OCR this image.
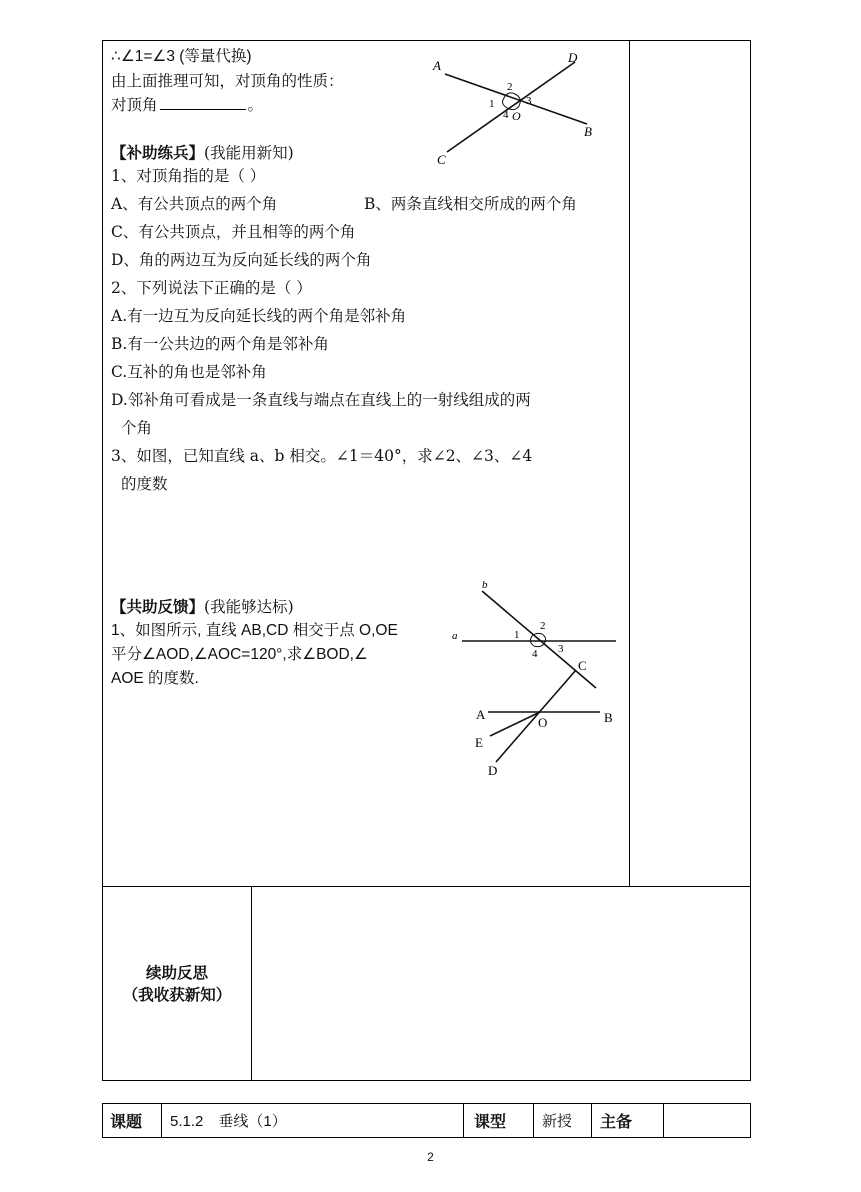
∴∠1=∠3 (等量代换)
由上面推理可知，对顶角的性质：
对顶角	。
【补助练兵】(我能用新知)
1、对顶角指的是（ ）
A、有公共顶点的两个角	B、两条直线相交所成的两个角
C、有公共顶点，并且相等的两个角
D、角的两边互为反向延长线的两个角
2、下列说法下正确的是（ ）
A.有一边互为反向延长线的两个角是邻补角
B.有一公共边的两个角是邻补角
C.互补的角也是邻补角
D.邻补角可看成是一条直线与端点在直线上的一射线组成的两
个角
3、如图，已知直线 a、b 相交。∠1＝40°，求∠2、∠3、∠4
的度数
【共助反馈】(我能够达标)
1、如图所示, 直线 AB,CD 相交于点 O,OE
平分∠AOD,∠AOC=120°,求∠BOD,∠
AOE 的度数.
A
D
C
B
O
1
2
3
4
b
a	1
2
3
4
A	B
C
O
E
D
续助反思
（我收获新知）
课题 5.1.2　垂线（1）	课型 新授 主备
2
